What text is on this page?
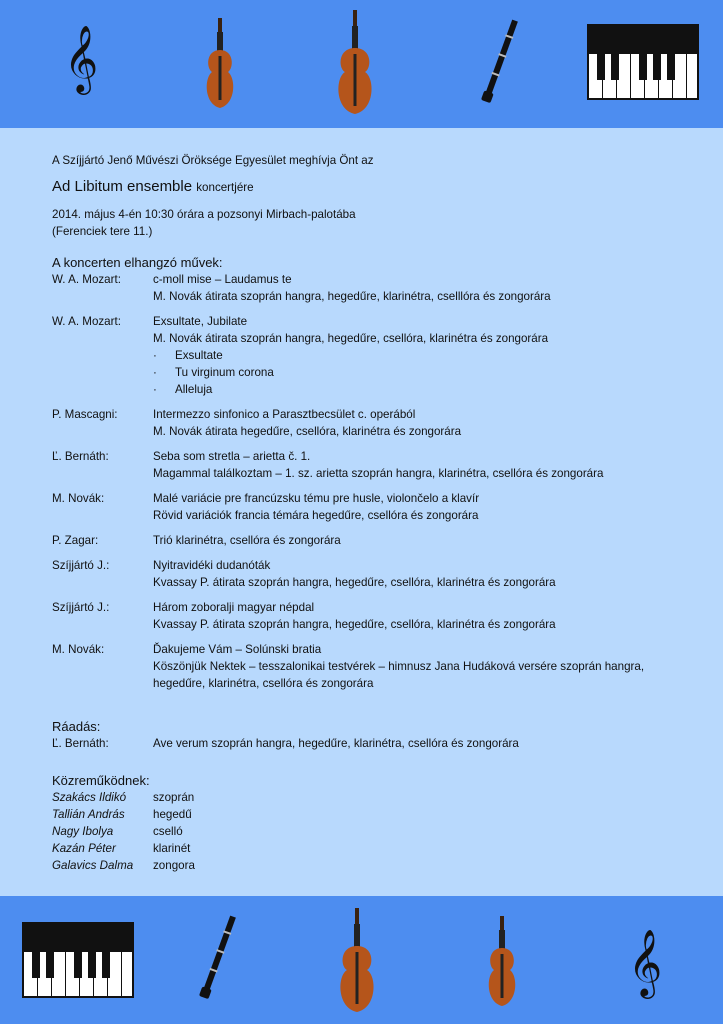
𝄞

A Szíjjártó Jenő Művészi Öröksége Egyesület meghívja Önt az

Ad Libitum ensemble koncertjére

2014. május 4-én 10:30 órára a pozsonyi Mirbach-palotába
(Ferenciek tere 11.)
A koncerten elhangzó művek:
W. A. Mozart:	c-moll mise – Laudamus te
M. Novák átirata szoprán hangra, hegedűre, klarinétra, cselllóra és zongorára
W. A. Mozart:	Exsultate, Jubilate
M. Novák átirata szoprán hangra, hegedűre, csellóra, klarinétra és zongorára
·	Exsultate
·	Tu virginum corona
·	Alleluja
P. Mascagni:	Intermezzo sinfonico a Parasztbecsület c. operából
M. Novák átirata hegedűre, csellóra, klarinétra és zongorára
Ľ. Bernáth:	Seba som stretla – arietta č. 1.
Magammal találkoztam – 1. sz. arietta szoprán hangra, klarinétra, csellóra és zongorára
M. Novák:	Malé variácie pre francúzsku tému pre husle, violončelo a klavír
Rövid variációk francia témára hegedűre, csellóra és zongorára
P. Zagar:	Trió klarinétra, csellóra és zongorára
Szíjjártó J.:	Nyitravidéki dudanóták
Kvassay P. átirata szoprán hangra, hegedűre, csellóra, klarinétra és zongorára
Szíjjártó J.:	Három zoboralji magyar népdal
Kvassay P. átirata szoprán hangra, hegedűre, csellóra, klarinétra és zongorára
M. Novák:	Ďakujeme Vám – Solúnski bratia
Köszönjük Nektek – tesszalonikai testvérek – himnusz Jana Hudáková versére szoprán hangra,
hegedűre, klarinétra, csellóra és zongorára
Ráadás:
Ľ. Bernáth:	Ave verum szoprán hangra, hegedűre, klarinétra, csellóra és zongorára
Közreműködnek:
Szakács Ildikó	szoprán
Tallián András	hegedű
Nagy Ibolya	cselló
Kazán Péter	klarinét
Galavics Dalma	zongora
𝄞
